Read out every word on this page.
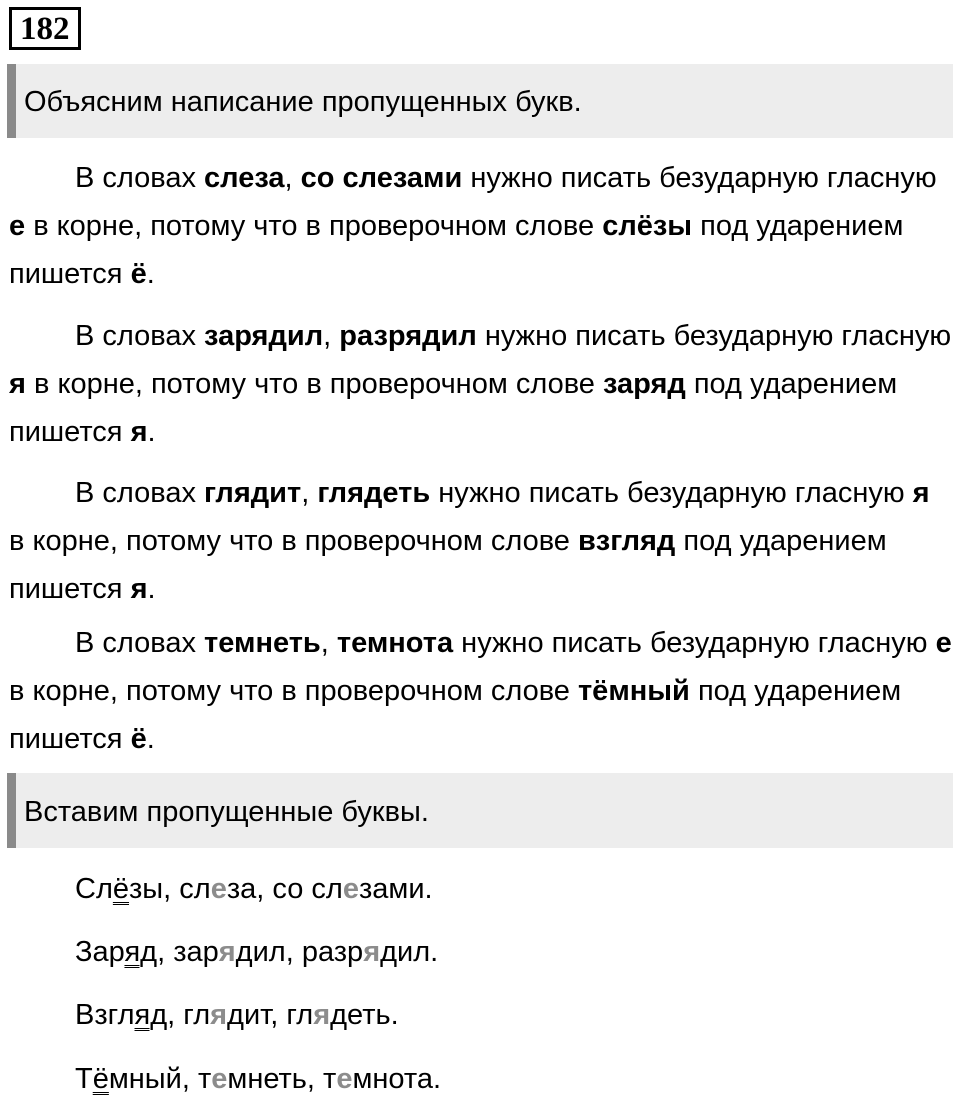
182
Объясним написание пропущенных букв.

В словах слеза, со слезами нужно писать безударную гласную е в корне, потому что в проверочном слове слёзы под ударением пишется ё.

В словах зарядил, разрядил нужно писать безударную гласную я в корне, потому что в проверочном слове заряд под ударением пишется я.

В словах глядит, глядеть нужно писать безударную гласную я в корне, потому что в проверочном слове взгляд под ударением пишется я.

В словах темнеть, темнота нужно писать безударную гласную е в корне, потому что в проверочном слове тёмный под ударением пишется ё.

Вставим пропущенные буквы.
Слёзы, слеза, со слезами.
Заряд, зарядил, разрядил.
Взгляд, глядит, глядеть.
Тёмный, темнеть, темнота.
